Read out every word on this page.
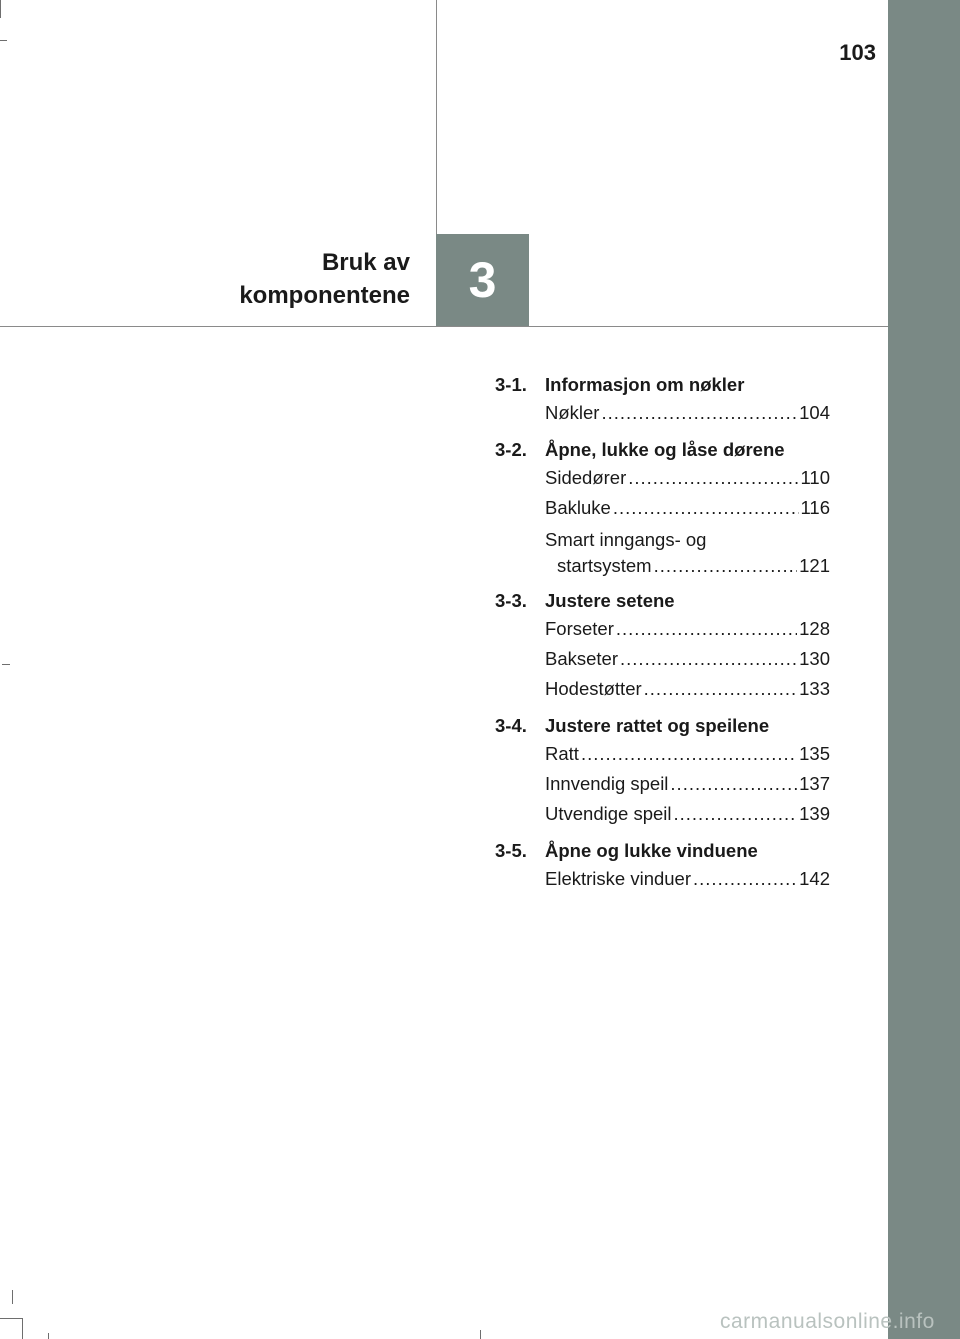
103
Bruk av
komponentene 3
3-1. Informasjon om nøkler
Nøkler .....	104
3-2. Åpne, lukke og låse dørene
Sidedører .....	110
Bakluke .....	116
Smart inngangs- og
startsystem .....	121
3-3. Justere setene
Forseter .....	128
Bakseter .....	130
Hodestøtter .....	133
3-4. Justere rattet og speilene
Ratt .....	135
Innvendig speil .....	137
Utvendige speil .....	139
3-5. Åpne og lukke vinduene
Elektriske vinduer .....	142
carmanualsonline.info
